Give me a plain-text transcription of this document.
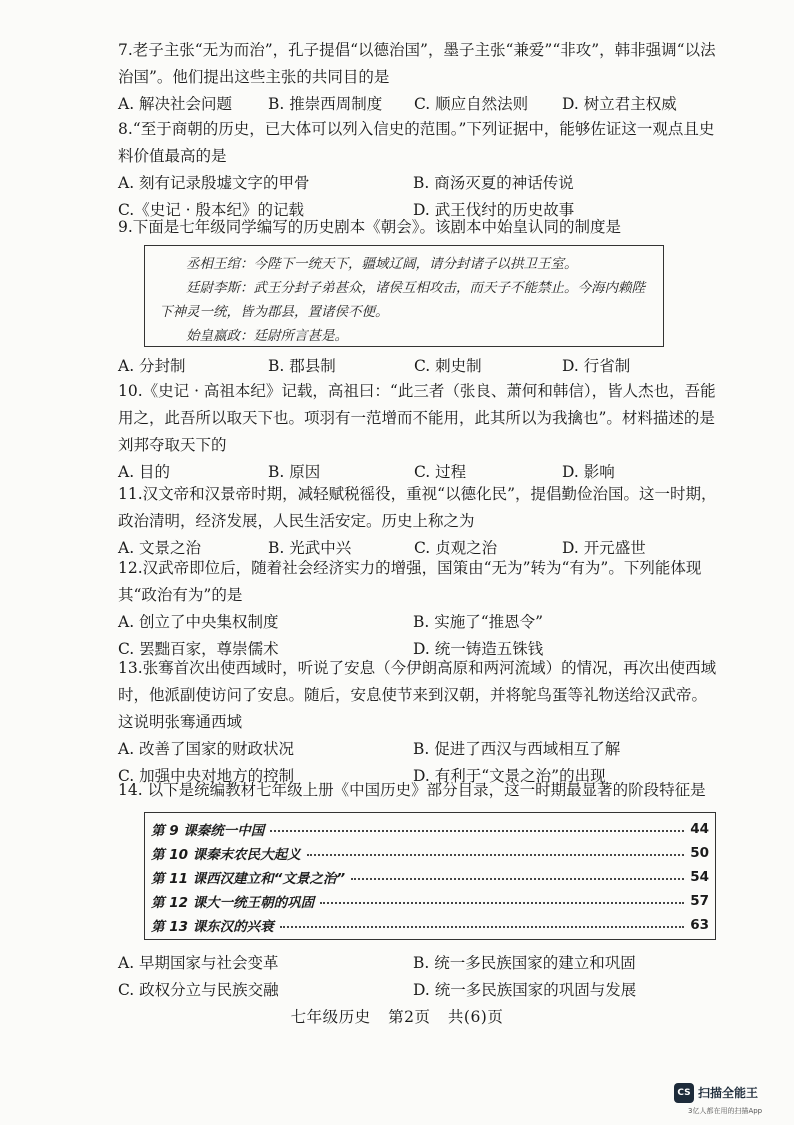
7.老子主张“无为而治”，孔子提倡“以德治国”，墨子主张“兼爱”“非攻”，韩非强调“以法治国”。他们提出这些主张的共同目的是

A. 解决社会问题 B. 推崇西周制度 C. 顺应自然法则 D. 树立君主权威

8.“至于商朝的历史，已大体可以列入信史的范围。”下列证据中，能够佐证这一观点且史料价值最高的是

A. 刻有记录殷墟文字的甲骨	B. 商汤灭夏的神话传说
C.《史记 · 殷本纪》的记载	D. 武王伐纣的历史故事

9.下面是七年级同学编写的历史剧本《朝会》。该剧本中始皇认同的制度是

丞相王绾：今陛下一统天下，疆域辽阔，请分封诸子以拱卫王室。

廷尉李斯：武王分封子弟甚众，诸侯互相攻击，而天子不能禁止。今海内赖陛下神灵一统，皆为郡县，置诸侯不便。

始皇嬴政：廷尉所言甚是。

A. 分封制	B. 郡县制	C. 刺史制	D. 行省制

10.《史记 · 高祖本纪》记载，高祖曰：“此三者（张良、萧何和韩信），皆人杰也，吾能用之，此吾所以取天下也。项羽有一范增而不能用，此其所以为我擒也”。材料描述的是刘邦夺取天下的

A. 目的	B. 原因	C. 过程	D. 影响

11.汉文帝和汉景帝时期，减轻赋税徭役，重视“以德化民”，提倡勤俭治国。这一时期，政治清明，经济发展，人民生活安定。历史上称之为

A. 文景之治	B. 光武中兴	C. 贞观之治	D. 开元盛世

12.汉武帝即位后，随着社会经济实力的增强，国策由“无为”转为“有为”。下列能体现其“政治有为”的是

A. 创立了中央集权制度	B. 实施了“推恩令”
C. 罢黜百家，尊崇儒术	D. 统一铸造五铢钱

13.张骞首次出使西域时，听说了安息（今伊朗高原和两河流域）的情况，再次出使西域时，他派副使访问了安息。随后，安息使节来到汉朝，并将鸵鸟蛋等礼物送给汉武帝。这说明张骞通西域

A. 改善了国家的财政状况	B. 促进了西汉与西域相互了解
C. 加强中央对地方的控制	D. 有利于“文景之治”的出现

14. 以下是统编教材七年级上册《中国历史》部分目录，这一时期最显著的阶段特征是

第 9 课秦统一中国	44
第 10 课秦末农民大起义	50
第 11 课西汉建立和“文景之治”	54
第 12 课大一统王朝的巩固	57
第 13 课东汉的兴衰	63
A. 早期国家与社会变革	B. 统一多民族国家的建立和巩固
C. 政权分立与民族交融	D. 统一多民族国家的巩固与发展
七年级历史 第2页 共(6)页
CS 扫描全能王
3亿人都在用的扫描App
